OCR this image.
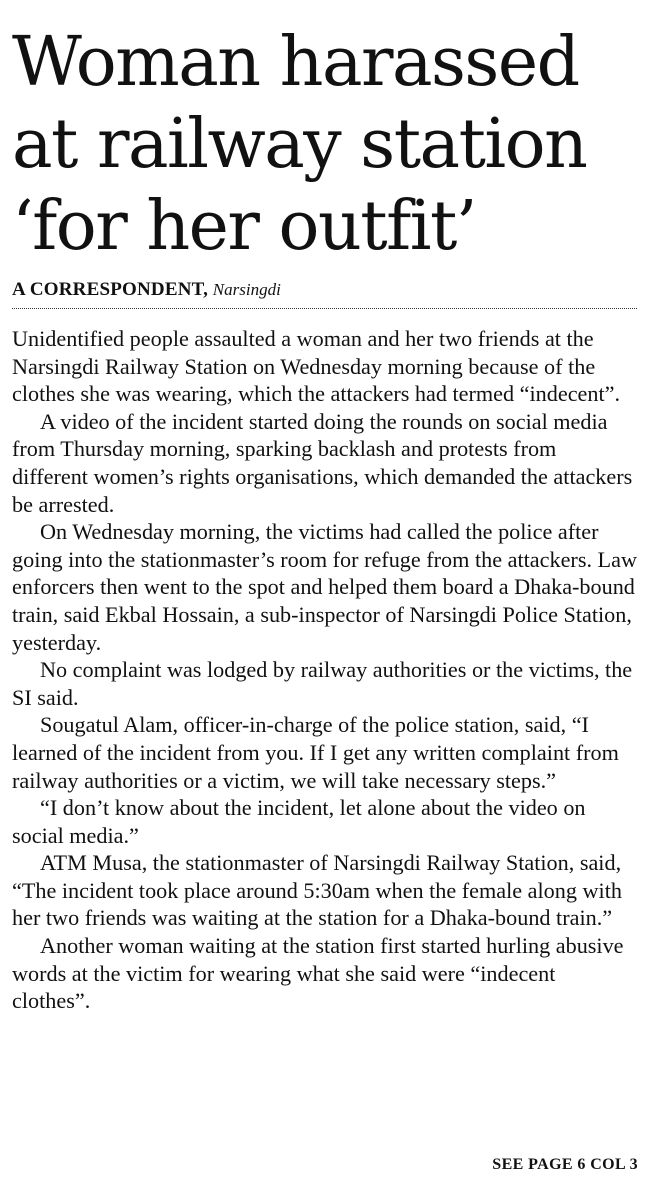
Woman harassed
at railway station
‘for her outfit’
A CORRESPONDENT, Narsingdi

Unidentified people assaulted a woman and her two friends at the Narsingdi Railway Station on Wednesday morning because of the clothes she was wearing, which the attackers had termed “indecent”.

A video of the incident started doing the rounds on social media from Thursday morning, sparking backlash and protests from different women’s rights organisations, which demanded the attackers be arrested.

On Wednesday morning, the victims had called the police after going into the stationmaster’s room for refuge from the attackers. Law enforcers then went to the spot and helped them board a Dhaka-bound train, said Ekbal Hossain, a sub-inspector of Narsingdi Police Station, yesterday.

No complaint was lodged by railway authorities or the victims, the SI said.

Sougatul Alam, officer-in-charge of the police station, said, “I learned of the incident from you. If I get any written complaint from railway authorities or a victim, we will take necessary steps.”

“I don’t know about the incident, let alone about the video on social media.”

ATM Musa, the stationmaster of Narsingdi Railway Station, said, “The incident took place around 5:30am when the female along with her two friends was waiting at the station for a Dhaka-bound train.”

Another woman waiting at the station first started hurling abusive words at the victim for wearing what she said were “indecent clothes”.

SEE PAGE 6 COL 3
